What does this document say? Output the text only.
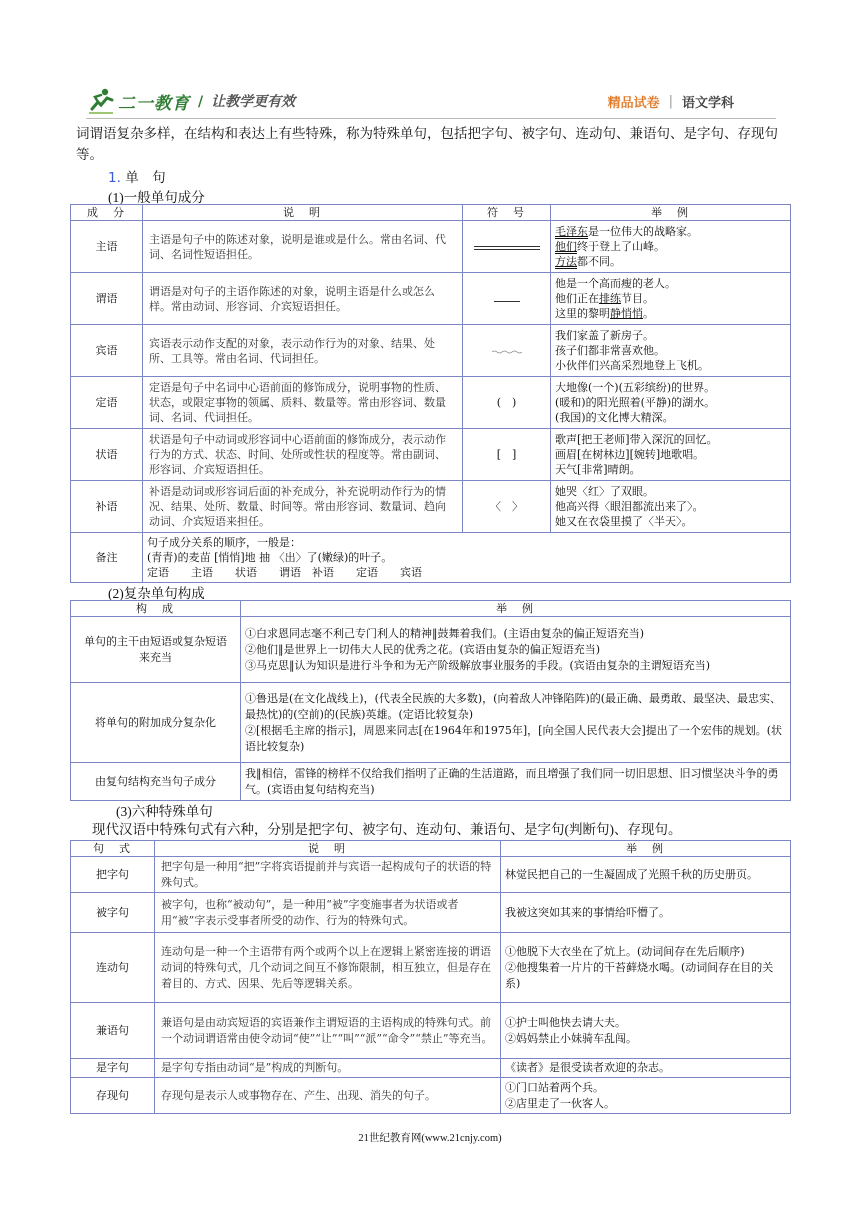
二一教育 / 让教学更有效	精品试卷 | 语文学科
词谓语复杂多样，在结构和表达上有些特殊，称为特殊单句，包括把字句、被字句、连动句、兼语句、是字句、存现句等。
1. 单　句
(1)一般单句成分
成　分	说　明	符　号	举　例
主语	主语是句子中的陈述对象，说明是谁或是什么。常由名词、代词、名词性短语担任。		毛泽东是一位伟大的战略家。
他们终于登上了山峰。
方法都不同。

谓语	谓语是对句子的主语作陈述的对象，说明主语是什么或怎么样。常由动词、形容词、介宾短语担任。		他是一个高而瘦的老人。
他们正在排练节目。
这里的黎明静悄悄。

宾语	宾语表示动作支配的对象，表示动作行为的对象、结果、处所、工具等。常由名词、代词担任。		我们家盖了新房子。
孩子们都非常喜欢他。
小伙伴们兴高采烈地登上飞机。

定语	定语是句子中名词中心语前面的修饰成分，说明事物的性质、状态，或限定事物的领属、质料、数量等。常由形容词、数量词、名词、代词担任。	(　)	大地像(一个)(五彩缤纷)的世界。
(暖和)的阳光照着(平静)的湖水。
(我国)的文化博大精深。

状语	状语是句子中动词或形容词中心语前面的修饰成分，表示动作行为的方式、状态、时间、处所或性状的程度等。常由副词、形容词、介宾短语担任。	[　]	歌声[把王老师]带入深沉的回忆。
画眉[在树林边][婉转]地歌唱。
天气[非常]晴朗。

补语	补语是动词或形容词后面的补充成分，补充说明动作行为的情况、结果、处所、数量、时间等。常由形容词、数量词、趋向动词、介宾短语来担任。	〈　〉	她哭〈红〉了双眼。
他高兴得〈眼泪都流出来了〉。
她又在衣袋里摸了〈半天〉。

备注	句子成分关系的顺序，一般是：
(青青)的麦苗 [悄悄]地 抽 〈出〉了(嫩绿)的叶子。
定语　　主语　　状语　　谓语　补语　　定语　　宾语		
(2)复杂单句构成
构　成	举　例
单句的主干由短语或复杂短语来充当	①白求恩同志毫不利己专门利人的精神‖鼓舞着我们。(主语由复杂的偏正短语充当)
②他们‖是世界上一切伟大人民的优秀之花。(宾语由复杂的偏正短语充当)
③马克思‖认为知识是进行斗争和为无产阶级解放事业服务的手段。(宾语由复杂的主谓短语充当)

将单句的附加成分复杂化	①鲁迅是(在文化战线上)，(代表全民族的大多数)，(向着敌人冲锋陷阵)的(最正确、最勇敢、最坚决、最忠实、最热忱)的(空前)的(民族)英雄。(定语比较复杂)
②[根据毛主席的指示]，周恩来同志[在1964年和1975年]，[向全国人民代表大会]提出了一个宏伟的规划。(状语比较复杂)

由复句结构充当句子成分	我‖相信，雷锋的榜样不仅给我们指明了正确的生活道路，而且增强了我们同一切旧思想、旧习惯坚决斗争的勇气。(宾语由复句结构充当)
(3)六种特殊单句
现代汉语中特殊句式有六种，分别是把字句、被字句、连动句、兼语句、是字句(判断句)、存现句。
句　式	说　明	举　例
把字句	把字句是一种用“把”字将宾语提前并与宾语一起构成句子的状语的特殊句式。	林觉民把自己的一生凝固成了光照千秋的历史册页。

被字句	被字句，也称“被动句”，是一种用“被”字变施事者为状语或者用“被”字表示受事者所受的动作、行为的特殊句式。	我被这突如其来的事情给吓懵了。

连动句	连动句是一种一个主语带有两个或两个以上在逻辑上紧密连接的谓语动词的特殊句式，几个动词之间互不修饰限制，相互独立，但是存在着目的、方式、因果、先后等逻辑关系。	①他脱下大衣坐在了炕上。(动词间存在先后顺序)
②他搜集着一片片的干苔藓烧水喝。(动词间存在目的关系)

兼语句	兼语句是由动宾短语的宾语兼作主谓短语的主语构成的特殊句式。前一个动词谓语常由使令动词“使”“让”“叫”“派”“命令”“禁止”等充当。	①护士叫他快去请大夫。
②妈妈禁止小妹骑车乱闯。

是字句	是字句专指由动词“是”构成的判断句。	《读者》是很受读者欢迎的杂志。

存现句	存现句是表示人或事物存在、产生、出现、消失的句子。	①门口站着两个兵。
②店里走了一伙客人。
21世纪教育网(www.21cnjy.com)
